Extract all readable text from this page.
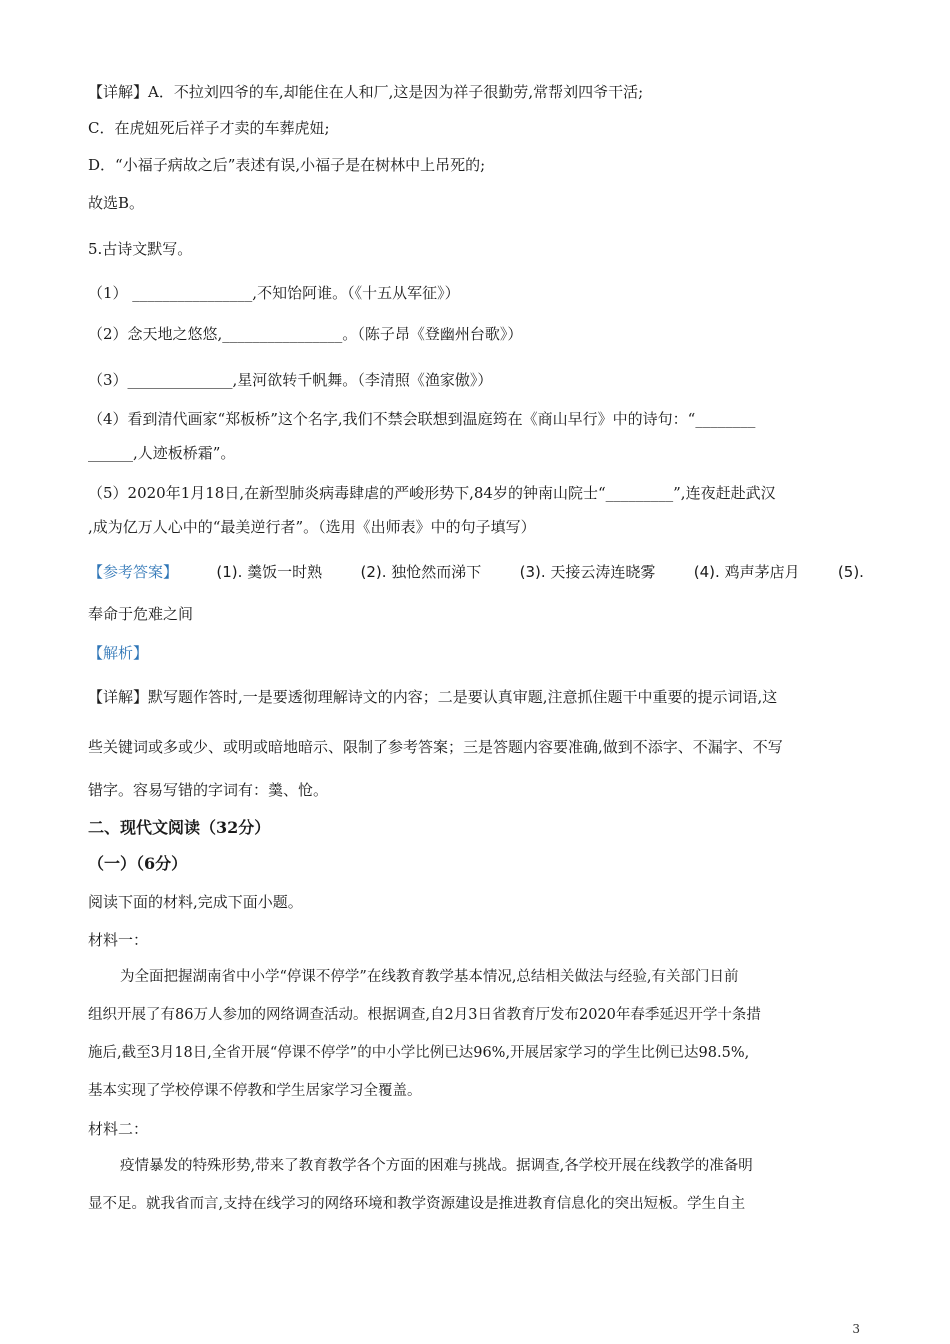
【详解】A．不拉刘四爷的车,却能住在人和厂,这是因为祥子很勤劳,常帮刘四爷干活;
C．在虎妞死后祥子才卖的车葬虎妞;
D．“小福子病故之后”表述有误,小福子是在树林中上吊死的;
故选B。
5.古诗文默写。
（1） ________________,不知饴阿谁。（《十五从军征》）
（2）念天地之悠悠,________________。（陈子昂《登幽州台歌》）
（3）______________,星河欲转千帆舞。（李清照《渔家傲》）
（4）看到清代画家“郑板桥”这个名字,我们不禁会联想到温庭筠在《商山早行》中的诗句：“________
______,人迹板桥霜”。
（5）2020年1月18日,在新型肺炎病毒肆虐的严峻形势下,84岁的钟南山院士“_________”,连夜赶赴武汉
,成为亿万人心中的“最美逆行者”。（选用《出师表》中的句子填写）
【参考答案】	(1). 羹饭一时熟	(2). 独怆然而涕下	(3). 天接云涛连晓雾	(4). 鸡声茅店月	(5).
奉命于危难之间
【解析】
【详解】默写题作答时,一是要透彻理解诗文的内容；二是要认真审题,注意抓住题干中重要的提示词语,这
些关键词或多或少、或明或暗地暗示、限制了参考答案；三是答题内容要准确,做到不添字、不漏字、不写
错字。容易写错的字词有：羹、怆。
二、现代文阅读（32分）
（一）（6分）
阅读下面的材料,完成下面小题。
材料一：
为全面把握湖南省中小学“停课不停学”在线教育教学基本情况,总结相关做法与经验,有关部门日前
组织开展了有86万人参加的网络调查活动。根据调查,自2月3日省教育厅发布2020年春季延迟开学十条措
施后,截至3月18日,全省开展“停课不停学”的中小学比例已达96%,开展居家学习的学生比例已达98.5%,
基本实现了学校停课不停教和学生居家学习全覆盖。
材料二：
疫情暴发的特殊形势,带来了教育教学各个方面的困难与挑战。据调查,各学校开展在线教学的准备明
显不足。就我省而言,支持在线学习的网络环境和教学资源建设是推进教育信息化的突出短板。学生自主
3
